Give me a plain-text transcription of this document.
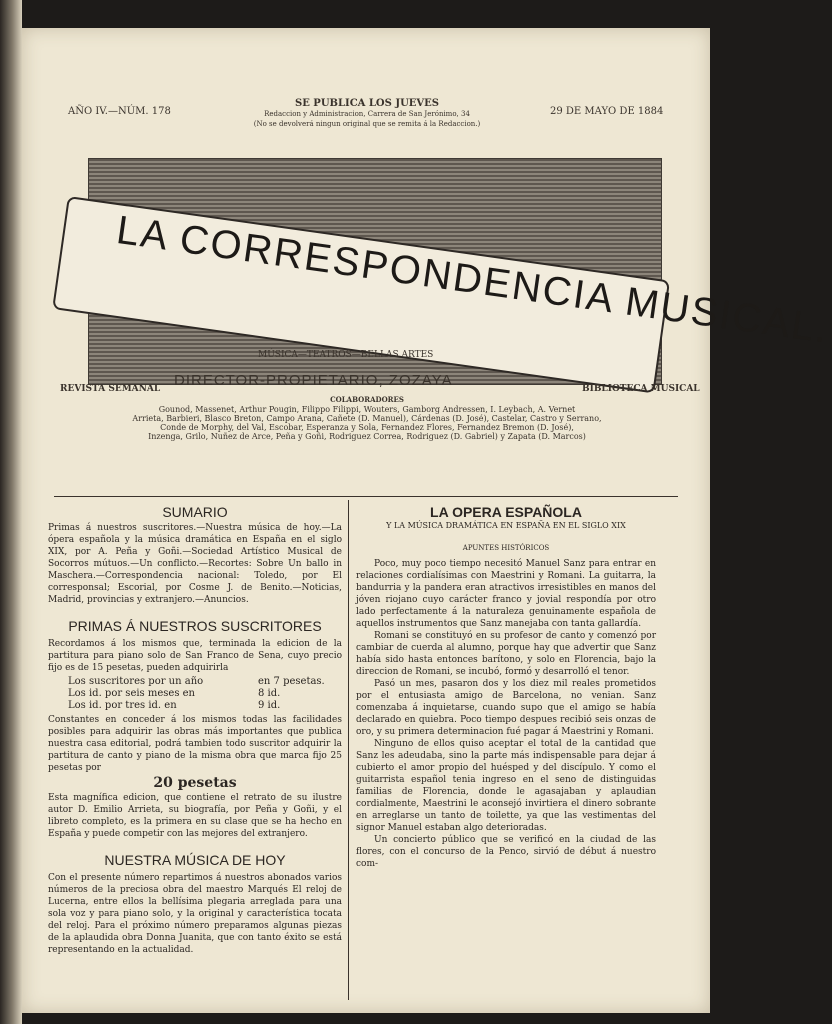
AÑO IV.—NÚM. 178
SE PUBLICA LOS JUEVES
Redaccion y Administracion, Carrera de San Jerónimo, 34
(No se devolverá ningun original que se remita á la Redaccion.)
29 DE MAYO DE 1884
LA CORRESPONDENCIA MUSICAL.
MÚSICA—TEATROS—BELLAS ARTES
DIRECTOR-PROPIETARIO, ZOZAYA
REVISTA SEMANAL	BIBLIOTECA MUSICAL
COLABORADORES
Gounod, Massenet, Arthur Pougin, Filippo Filippi, Wouters, Gamborg Andressen, I. Leybach, A. Vernet
Arrieta, Barbieri, Blasco Breton, Campo Arana, Cañete (D. Manuel), Cárdenas (D. José), Castelar, Castro y Serrano,
Conde de Morphy, del Val, Escobar, Esperanza y Sola, Fernandez Flores, Fernandez Bremon (D. José),
Inzenga, Grilo, Nuñez de Arce, Peña y Goñi, Rodriguez Correa, Rodriguez (D. Gabriel) y Zapata (D. Marcos)
SUMARIO
Primas á nuestros suscritores.—Nuestra música de hoy.—La ópera española y la música dramática en España en el siglo XIX, por A. Peña y Goñi.—Sociedad Artístico Musical de Socorros mútuos.—Un conflicto.—Recortes: Sobre Un ballo in Maschera.—Correspondencia nacional: Toledo, por El corresponsal; Escorial, por Cosme J. de Benito.—Noticias, Madrid, provincias y extranjero.—Anuncios.
PRIMAS Á NUESTROS SUSCRITORES
Recordamos á los mismos que, terminada la edicion de la partitura para piano solo de San Franco de Sena, cuyo precio fijo es de 15 pesetas, pueden adquirirla
Los suscritores por un año	en 7 pesetas.
Los id. por seis meses en	8 id.
Los id. por tres id. en	9 id.
Constantes en conceder á los mismos todas las facilidades posibles para adquirir las obras más importantes que publica nuestra casa editorial, podrá tambien todo suscritor adquirir la partitura de canto y piano de la misma obra que marca fijo 25 pesetas por
20 pesetas
Esta magnífica edicion, que contiene el retrato de su ilustre autor D. Emilio Arrieta, su biografía, por Peña y Goñi, y el libreto completo, es la primera en su clase que se ha hecho en España y puede competir con las mejores del extranjero.
NUESTRA MÚSICA DE HOY
Con el presente número repartimos á nuestros abonados varios números de la preciosa obra del maestro Marqués El reloj de Lucerna, entre ellos la bellísima plegaria arreglada para una sola voz y para piano solo, y la original y característica tocata del reloj. Para el próximo número preparamos algunas piezas de la aplaudida obra Donna Juanita, que con tanto éxito se está representando en la actualidad.
LA OPERA ESPAÑOLA
Y LA MÚSICA DRAMÁTICA EN ESPAÑA EN EL SIGLO XIX
APUNTES HISTÓRICOS
Poco, muy poco tiempo necesitó Manuel Sanz para entrar en relaciones cordialísimas con Maestrini y Romani. La guitarra, la bandurria y la pandera eran atractivos irresistibles en manos del jóven riojano cuyo carácter franco y jovial respondía por otro lado perfectamente á la naturaleza genuinamente española de aquellos instrumentos que Sanz manejaba con tanta gallardía.
Romani se constituyó en su profesor de canto y comenzó por cambiar de cuerda al alumno, porque hay que advertir que Sanz había sido hasta entonces barítono, y solo en Florencia, bajo la direccion de Romani, se incubó, formó y desarrolló el tenor.
Pasó un mes, pasaron dos y los diez mil reales prometidos por el entusiasta amigo de Barcelona, no venian. Sanz comenzaba á inquietarse, cuando supo que el amigo se había declarado en quiebra. Poco tiempo despues recibió seis onzas de oro, y su primera determinacion fué pagar á Maestrini y Romani.
Ninguno de ellos quiso aceptar el total de la cantidad que Sanz les adeudaba, sino la parte más indispensable para dejar á cubierto el amor propio del huésped y del discípulo. Y como el guitarrista español tenia ingreso en el seno de distinguidas familias de Florencia, donde le agasajaban y aplaudian cordialmente, Maestrini le aconsejó invirtiera el dinero sobrante en arreglarse un tanto de toilette, ya que las vestimentas del signor Manuel estaban algo deterioradas.
Un concierto público que se verificó en la ciudad de las flores, con el concurso de la Penco, sirvió de début á nuestro com-
